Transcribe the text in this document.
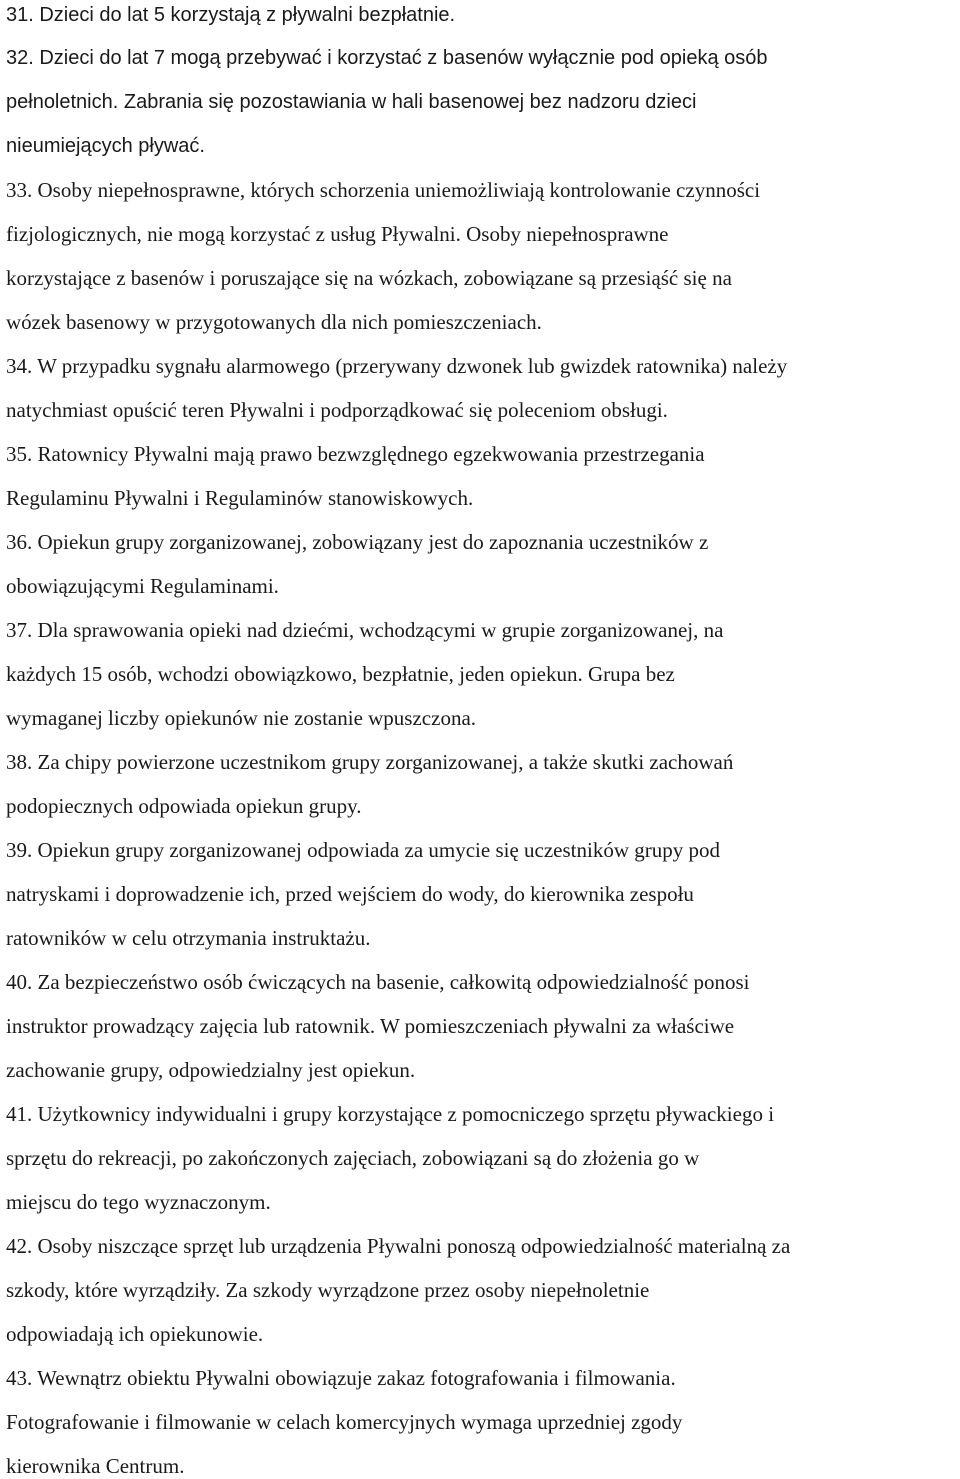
31. Dzieci do lat 5 korzystają z pływalni bezpłatnie.
32. Dzieci do lat 7 mogą przebywać i korzystać z basenów wyłącznie pod opieką osób
pełnoletnich. Zabrania się pozostawiania w hali basenowej bez nadzoru dzieci
nieumiejących pływać.
33. Osoby niepełnosprawne, których schorzenia uniemożliwiają kontrolowanie czynności
fizjologicznych, nie mogą korzystać z usług Pływalni. Osoby niepełnosprawne
korzystające z basenów i poruszające się na wózkach, zobowiązane są przesiąść się na
wózek basenowy w przygotowanych dla nich pomieszczeniach.
34. W przypadku sygnału alarmowego (przerywany dzwonek lub gwizdek ratownika) należy
natychmiast opuścić teren Pływalni i podporządkować się poleceniom obsługi.
35. Ratownicy Pływalni mają prawo bezwzględnego egzekwowania przestrzegania
Regulaminu Pływalni i Regulaminów stanowiskowych.
36. Opiekun grupy zorganizowanej, zobowiązany jest do zapoznania uczestników z
obowiązującymi Regulaminami.
37. Dla sprawowania opieki nad dziećmi, wchodzącymi w grupie zorganizowanej, na
każdych 15 osób, wchodzi obowiązkowo, bezpłatnie, jeden opiekun. Grupa bez
wymaganej liczby opiekunów nie zostanie wpuszczona.
38. Za chipy powierzone uczestnikom grupy zorganizowanej, a także skutki zachowań
podopiecznych odpowiada opiekun grupy.
39. Opiekun grupy zorganizowanej odpowiada za umycie się uczestników grupy pod
natryskami i doprowadzenie ich, przed wejściem do wody, do kierownika zespołu
ratowników w celu otrzymania instruktażu.
40. Za bezpieczeństwo osób ćwiczących na basenie, całkowitą odpowiedzialność ponosi
instruktor prowadzący zajęcia lub ratownik. W pomieszczeniach pływalni za właściwe
zachowanie grupy, odpowiedzialny jest opiekun.
41. Użytkownicy indywidualni i grupy korzystające z pomocniczego sprzętu pływackiego i
sprzętu do rekreacji, po zakończonych zajęciach, zobowiązani są do złożenia go w
miejscu do tego wyznaczonym.
42. Osoby niszczące sprzęt lub urządzenia Pływalni ponoszą odpowiedzialność materialną za
szkody, które wyrządziły. Za szkody wyrządzone przez osoby niepełnoletnie
odpowiadają ich opiekunowie.
43. Wewnątrz obiektu Pływalni obowiązuje zakaz fotografowania i filmowania.
Fotografowanie i filmowanie w celach komercyjnych wymaga uprzedniej zgody
kierownika Centrum.
